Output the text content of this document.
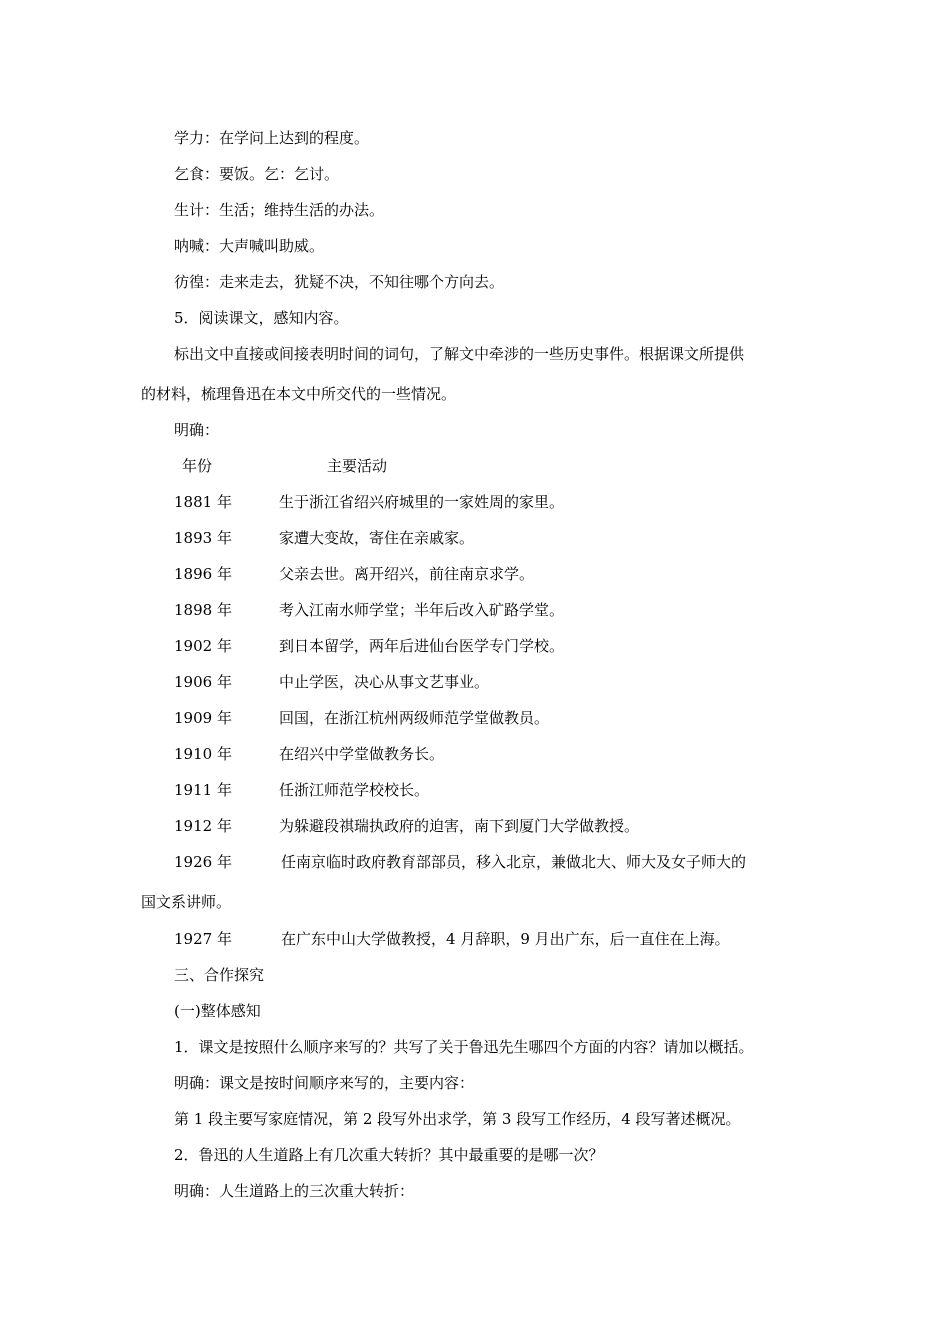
学力：在学问上达到的程度。
乞食：要饭。乞：乞讨。
生计：生活；维持生活的办法。
呐喊：大声喊叫助威。
彷徨：走来走去，犹疑不决，不知往哪个方向去。
5．阅读课文，感知内容。
标出文中直接或间接表明时间的词句，了解文中牵涉的一些历史事件。根据课文所提供
的材料，梳理鲁迅在本文中所交代的一些情况。
明确：
年份	主要活动
1881 年	生于浙江省绍兴府城里的一家姓周的家里。
1893 年	家遭大变故，寄住在亲戚家。
1896 年	父亲去世。离开绍兴，前往南京求学。
1898 年	考入江南水师学堂；半年后改入矿路学堂。
1902 年	到日本留学，两年后进仙台医学专门学校。
1906 年	中止学医，决心从事文艺事业。
1909 年	回国，在浙江杭州两级师范学堂做教员。
1910 年	在绍兴中学堂做教务长。
1911 年	任浙江师范学校校长。
1912 年	为躲避段祺瑞执政府的迫害，南下到厦门大学做教授。
1926 年	任南京临时政府教育部部员，移入北京，兼做北大、师大及女子师大的
国文系讲师。
1927 年	在广东中山大学做教授，4 月辞职，9 月出广东，后一直住在上海。
三、合作探究
(一)整体感知
1．课文是按照什么顺序来写的？共写了关于鲁迅先生哪四个方面的内容？请加以概括。
明确：课文是按时间顺序来写的，主要内容：
第 1 段主要写家庭情况，第 2 段写外出求学，第 3 段写工作经历，4 段写著述概况。
2．鲁迅的人生道路上有几次重大转折？其中最重要的是哪一次？
明确：人生道路上的三次重大转折：
